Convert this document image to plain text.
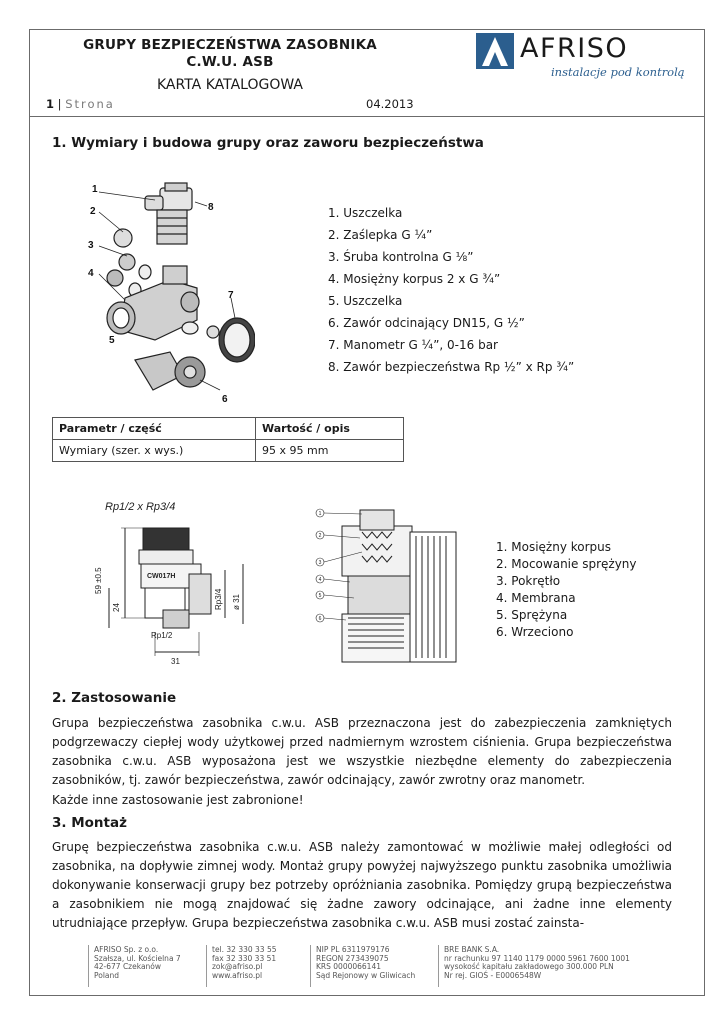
GRUPY BEZPIECZEŃSTWA ZASOBNIKA
C.W.U. ASB
KARTA KATALOGOWA
1 | Strona	04.2013
AFRISO
instalacje pod kontrolą
1. Wymiary i budowa grupy oraz zaworu bezpieczeństwa
1
2
3
4
5
6
7
8	1. Uszczelka
2. Zaślepka G ¼”
3. Śruba kontrolna G ⅛”
4. Mosiężny korpus 2 x G ¾”
5. Uszczelka
6. Zawór odcinający DN15, G ½”
7. Manometr G ¼”, 0-16 bar
8. Zawór bezpieczeństwa Rp ½” x Rp ¾”
Parametr / część	Wartość / opis
Wymiary (szer. x wys.)	95 x 95 mm
Rp1/2 x Rp3/4
CW017H
59 ±0.5
24	Rp3/4 ø 31
Rp1/2
31
1
2
3
4
5
6
1. Mosiężny korpus
2. Mocowanie sprężyny
3. Pokrętło
4. Membrana
5. Sprężyna
6. Wrzeciono
2. Zastosowanie

Grupa bezpieczeństwa zasobnika c.w.u. ASB przeznaczona jest do zabezpieczenia zamkniętych podgrzewaczy ciepłej wody użytkowej przed nadmiernym wzrostem ciśnienia. Grupa bezpieczeństwa zasobnika c.w.u. ASB wyposażona jest we wszystkie niezbędne elementy do zabezpieczenia zasobników, tj. zawór bezpieczeństwa, zawór odcinający, zawór zwrotny oraz manometr.

Każde inne zastosowanie jest zabronione!

3. Montaż

Grupę bezpieczeństwa zasobnika c.w.u. ASB należy zamontować w możliwie małej odległości od zasobnika, na dopływie zimnej wody. Montaż grupy powyżej najwyższego punktu zasobnika umożliwia dokonywanie konserwacji grupy bez potrzeby opróżniania zasobnika. Pomiędzy grupą bezpieczeństwa a zasobnikiem nie mogą znajdować się żadne zawory odcinające, ani żadne inne elementy utrudniające przepływ. Grupa bezpieczeństwa zasobnika c.w.u. ASB musi zostać zainsta-

AFRISO Sp. z o.o.
Szałsza, ul. Kościelna 7
42-677 Czekanów
Poland
tel. 32 330 33 55
fax 32 330 33 51
zok@afriso.pl
www.afriso.pl
NIP PL 6311979176
REGON 273439075
KRS 0000066141
Sąd Rejonowy w Gliwicach
BRE BANK S.A.
nr rachunku 97 1140 1179 0000 5961 7600 1001
wysokość kapitału zakładowego 300.000 PLN
Nr rej. GIOŚ - E0006548W
